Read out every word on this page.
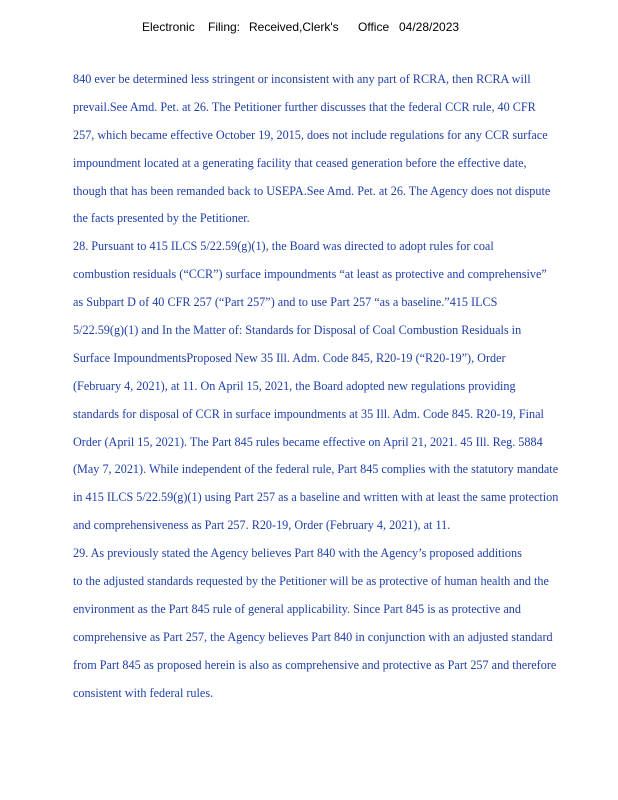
Electronic Filing: Received,Clerk's Office 04/28/2023
840 ever be determined less stringent or inconsistent with any part of RCRA, then RCRA will
prevail.See Amd. Pet. at 26. The Petitioner further discusses that the federal CCR rule, 40 CFR
257, which became effective October 19, 2015, does not include regulations for any CCR surface
impoundment located at a generating facility that ceased generation before the effective date,
though that has been remanded back to USEPA.See Amd. Pet. at 26. The Agency does not dispute
the facts presented by the Petitioner.
28. Pursuant to 415 ILCS 5/22.59(g)(1), the Board was directed to adopt rules for coal
combustion residuals (“CCR”) surface impoundments “at least as protective and comprehensive”
as Subpart D of 40 CFR 257 (“Part 257”) and to use Part 257 “as a baseline.”415 ILCS
5/22.59(g)(1) and In the Matter of: Standards for Disposal of Coal Combustion Residuals in
Surface ImpoundmentsProposed New 35 Ill. Adm. Code 845, R20-19 (“R20-19”), Order
(February 4, 2021), at 11. On April 15, 2021, the Board adopted new regulations providing
standards for disposal of CCR in surface impoundments at 35 Ill. Adm. Code 845. R20-19, Final
Order (April 15, 2021). The Part 845 rules became effective on April 21, 2021. 45 Ill. Reg. 5884
(May 7, 2021). While independent of the federal rule, Part 845 complies with the statutory mandate
in 415 ILCS 5/22.59(g)(1) using Part 257 as a baseline and written with at least the same protection
and comprehensiveness as Part 257. R20-19, Order (February 4, 2021), at 11.
29. As previously stated the Agency believes Part 840 with the Agency’s proposed additions
to the adjusted standards requested by the Petitioner will be as protective of human health and the
environment as the Part 845 rule of general applicability. Since Part 845 is as protective and
comprehensive as Part 257, the Agency believes Part 840 in conjunction with an adjusted standard
from Part 845 as proposed herein is also as comprehensive and protective as Part 257 and therefore
consistent with federal rules.
